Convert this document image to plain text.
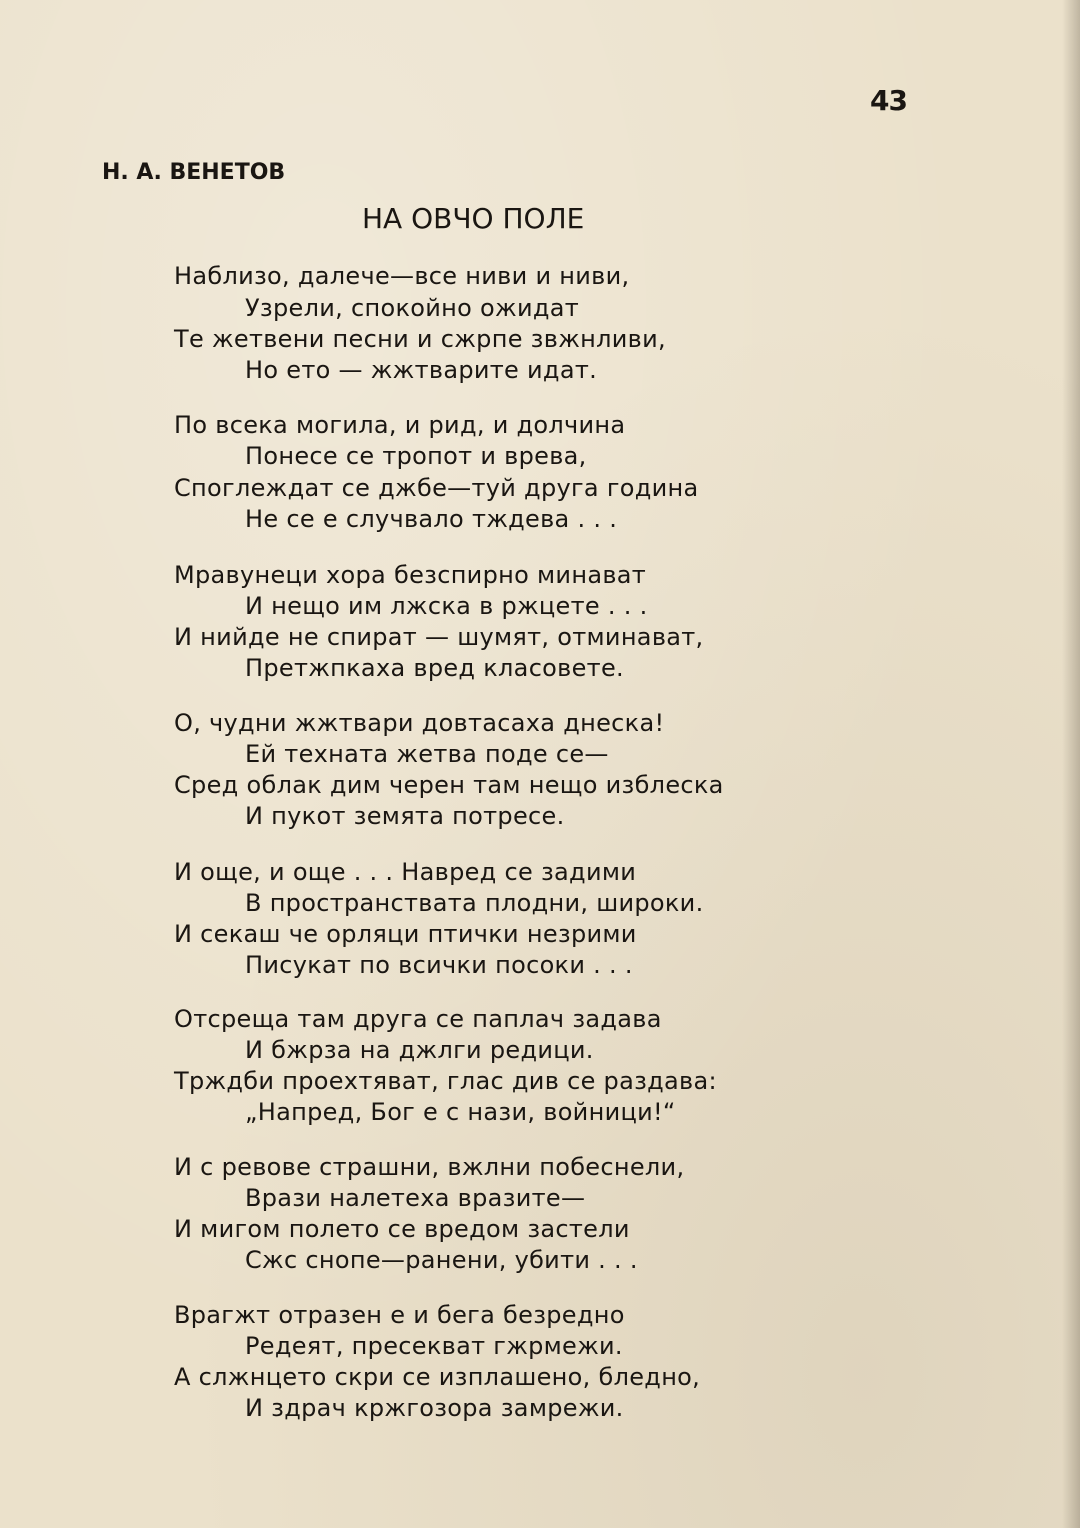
43
Н. А. ВЕНЕТОВ
НА ОВЧО ПОЛЕ
Наблизо, далече—все ниви и ниви,
Узрели, спокойно ожидат
Те жетвени песни и сжрпе звжнливи,
Но ето — жжтварите идат.
По всека могила, и рид, и долчина
Понесе се тропот и врева,
Споглеждат се джбе—туй друга година
Не се е случвало тждева . . .
Мравунеци хора безспирно минават
И нещо им лжска в ржцете . . .
И нийде не спират — шумят, отминават,
Претжпкаха вред класовете.
О, чудни жжтвари довтасаха днеска!
Ей техната жетва поде се—
Сред облак дим черен там нещо изблеска
И пукот земята потресе.
И още, и още . . . Навред се задими
В пространствата плодни, широки.
И секаш че орляци птички незрими
Писукат по всички посоки . . .
Отсреща там друга се паплач задава
И бжрза на джлги редици.
Трждби проехтяват, глас див се раздава:
„Напред, Бог е с нази, войници!“
И с ревове страшни, вжлни побеснели,
Врази налетеха вразите—
И мигом полето се вредом застели
Сжс снопе—ранени, убити . . .
Врагжт отразен е и бега безредно
Редеят, пресекват гжрмежи.
А слжнцето скри се изплашено, бледно,
И здрач кржгозора замрежи.
